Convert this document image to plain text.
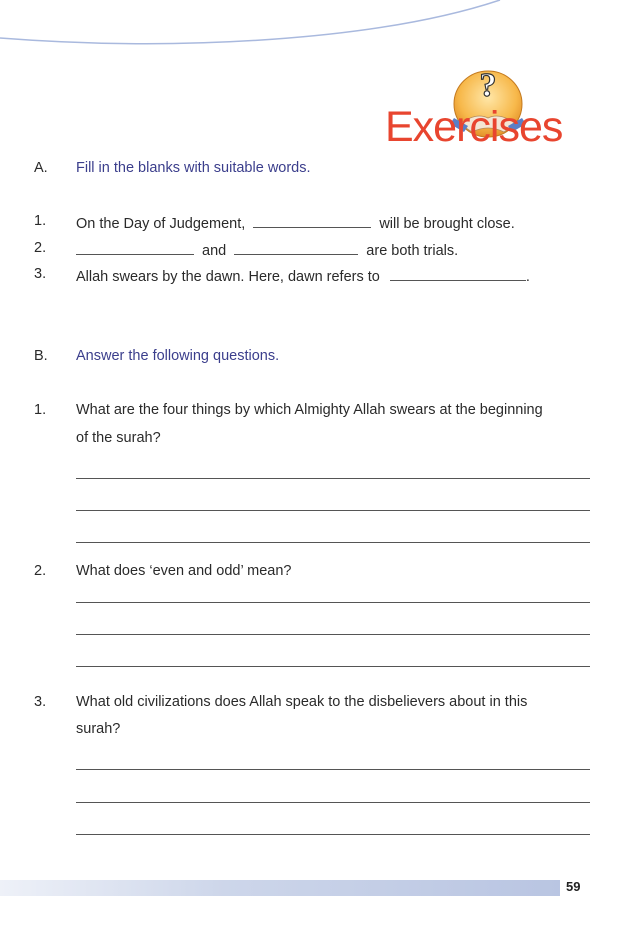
?
Exercises
A. Fill in the blanks with suitable words.
1. On the Day of Judgement,	will be brought close.
2.	and	are both trials.
3. Allah swears by the dawn. Here, dawn refers to	.
B. Answer the following questions.
1. What are the four things by which Almighty Allah swears at the beginning
of the surah?
2. What does ‘even and odd’ mean?
3. What old civilizations does Allah speak to the disbelievers about in this
surah?
59
